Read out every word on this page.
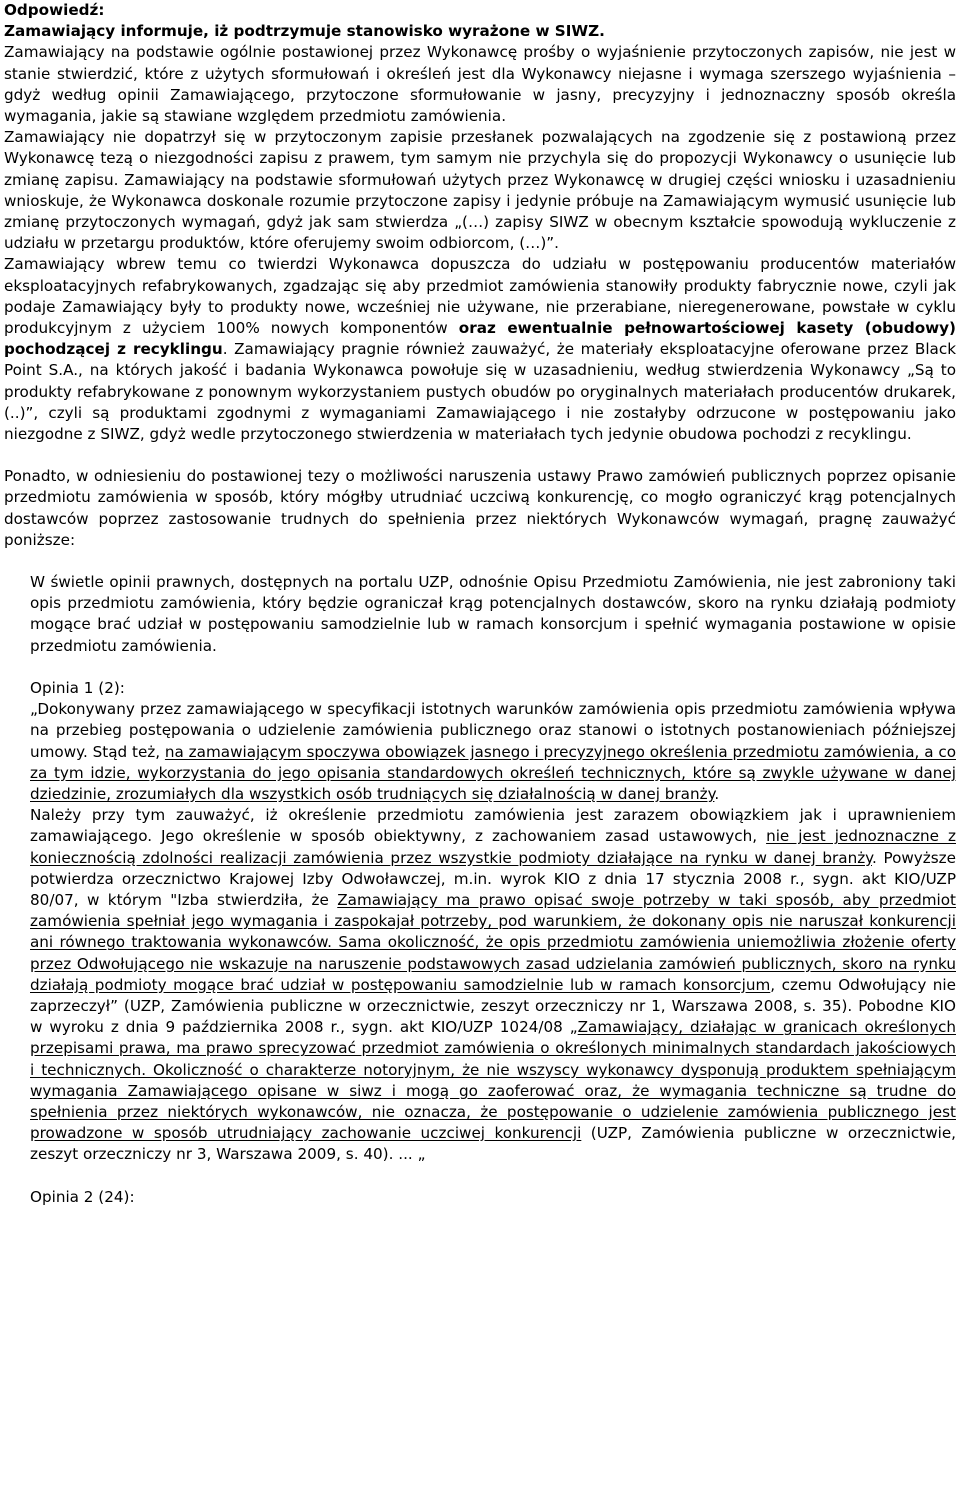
Odpowiedź:

Zamawiający informuje, iż podtrzymuje stanowisko wyrażone w SIWZ.

Zamawiający na podstawie ogólnie postawionej przez Wykonawcę prośby o wyjaśnienie przytoczonych zapisów, nie jest w stanie stwierdzić, które z użytych sformułowań i określeń jest dla Wykonawcy niejasne i wymaga szerszego wyjaśnienia – gdyż według opinii Zamawiającego, przytoczone sformułowanie w jasny, precyzyjny i jednoznaczny sposób określa wymagania, jakie są stawiane względem przedmiotu zamówienia.

Zamawiający nie dopatrzył się w przytoczonym zapisie przesłanek pozwalających na zgodzenie się z postawioną przez Wykonawcę tezą o niezgodności zapisu z prawem, tym samym nie przychyla się do propozycji Wykonawcy o usunięcie lub zmianę zapisu. Zamawiający na podstawie sformułowań użytych przez Wykonawcę w drugiej części wniosku i uzasadnieniu wnioskuje, że Wykonawca doskonale rozumie przytoczone zapisy i jedynie próbuje na Zamawiającym wymusić usunięcie lub zmianę przytoczonych wymagań, gdyż jak sam stwierdza „(…) zapisy SIWZ w obecnym kształcie spowodują wykluczenie z udziału w przetargu produktów, które oferujemy swoim odbiorcom, (…)”.

Zamawiający wbrew temu co twierdzi Wykonawca dopuszcza do udziału w postępowaniu producentów materiałów eksploatacyjnych refabrykowanych, zgadzając się aby przedmiot zamówienia stanowiły produkty fabrycznie nowe, czyli jak podaje Zamawiający były to produkty nowe, wcześniej nie używane, nie przerabiane, nieregenerowane, powstałe w cyklu produkcyjnym z użyciem 100% nowych komponentów oraz ewentualnie pełnowartościowej kasety (obudowy) pochodzącej z recyklingu. Zamawiający pragnie również zauważyć, że materiały eksploatacyjne oferowane przez Black Point S.A., na których jakość i badania Wykonawca powołuje się w uzasadnieniu, według stwierdzenia Wykonawcy „Są to produkty refabrykowane z ponownym wykorzystaniem pustych obudów po oryginalnych materiałach producentów drukarek, (..)”, czyli są produktami zgodnymi z wymaganiami Zamawiającego i nie zostałyby odrzucone w postępowaniu jako niezgodne z SIWZ, gdyż wedle przytoczonego stwierdzenia w materiałach tych jedynie obudowa pochodzi z recyklingu.

Ponadto, w odniesieniu do postawionej tezy o możliwości naruszenia ustawy Prawo zamówień publicznych poprzez opisanie przedmiotu zamówienia w sposób, który mógłby utrudniać uczciwą konkurencję, co mogło ograniczyć krąg potencjalnych dostawców poprzez zastosowanie trudnych do spełnienia przez niektórych Wykonawców wymagań, pragnę zauważyć poniższe:

W świetle opinii prawnych, dostępnych na portalu UZP, odnośnie Opisu Przedmiotu Zamówienia, nie jest zabroniony taki opis przedmiotu zamówienia, który będzie ograniczał krąg potencjalnych dostawców, skoro na rynku działają podmioty mogące brać udział w postępowaniu samodzielnie lub w ramach konsorcjum i spełnić wymagania postawione w opisie przedmiotu zamówienia.

Opinia 1 (2):

„Dokonywany przez zamawiającego w specyfikacji istotnych warunków zamówienia opis przedmiotu zamówienia wpływa na przebieg postępowania o udzielenie zamówienia publicznego oraz stanowi o istotnych postanowieniach późniejszej umowy. Stąd też, na zamawiającym spoczywa obowiązek jasnego i precyzyjnego określenia przedmiotu zamówienia, a co za tym idzie, wykorzystania do jego opisania standardowych określeń technicznych, które są zwykle używane w danej dziedzinie, zrozumiałych dla wszystkich osób trudniących się działalnością w danej branży.

Należy przy tym zauważyć, iż określenie przedmiotu zamówienia jest zarazem obowiązkiem jak i uprawnieniem zamawiającego. Jego określenie w sposób obiektywny, z zachowaniem zasad ustawowych, nie jest jednoznaczne z koniecznością zdolności realizacji zamówienia przez wszystkie podmioty działające na rynku w danej branży. Powyższe potwierdza orzecznictwo Krajowej Izby Odwoławczej, m.in. wyrok KIO z dnia 17 stycznia 2008 r., sygn. akt KIO/UZP 80/07, w którym "Izba stwierdziła, że Zamawiający ma prawo opisać swoje potrzeby w taki sposób, aby przedmiot zamówienia spełniał jego wymagania i zaspokajał potrzeby, pod warunkiem, że dokonany opis nie naruszał konkurencji ani równego traktowania wykonawców. Sama okoliczność, że opis przedmiotu zamówienia uniemożliwia złożenie oferty przez Odwołującego nie wskazuje na naruszenie podstawowych zasad udzielania zamówień publicznych, skoro na rynku działają podmioty mogące brać udział w postępowaniu samodzielnie lub w ramach konsorcjum, czemu Odwołujący nie zaprzeczył” (UZP, Zamówienia publiczne w orzecznictwie, zeszyt orzeczniczy nr 1, Warszawa 2008, s. 35). Pobodne KIO w wyroku z dnia 9 października 2008 r., sygn. akt KIO/UZP 1024/08 „Zamawiający, działając w granicach określonych przepisami prawa, ma prawo sprecyzować przedmiot zamówienia o określonych minimalnych standardach jakościowych i technicznych. Okoliczność o charakterze notoryjnym, że nie wszyscy wykonawcy dysponują produktem spełniającym wymagania Zamawiającego opisane w siwz i mogą go zaoferować oraz, że wymagania techniczne są trudne do spełnienia przez niektórych wykonawców, nie oznacza, że postępowanie o udzielenie zamówienia publicznego jest prowadzone w sposób utrudniający zachowanie uczciwej konkurencji (UZP, Zamówienia publiczne w orzecznictwie, zeszyt orzeczniczy nr 3, Warszawa 2009, s. 40). ... „

Opinia 2 (24):
